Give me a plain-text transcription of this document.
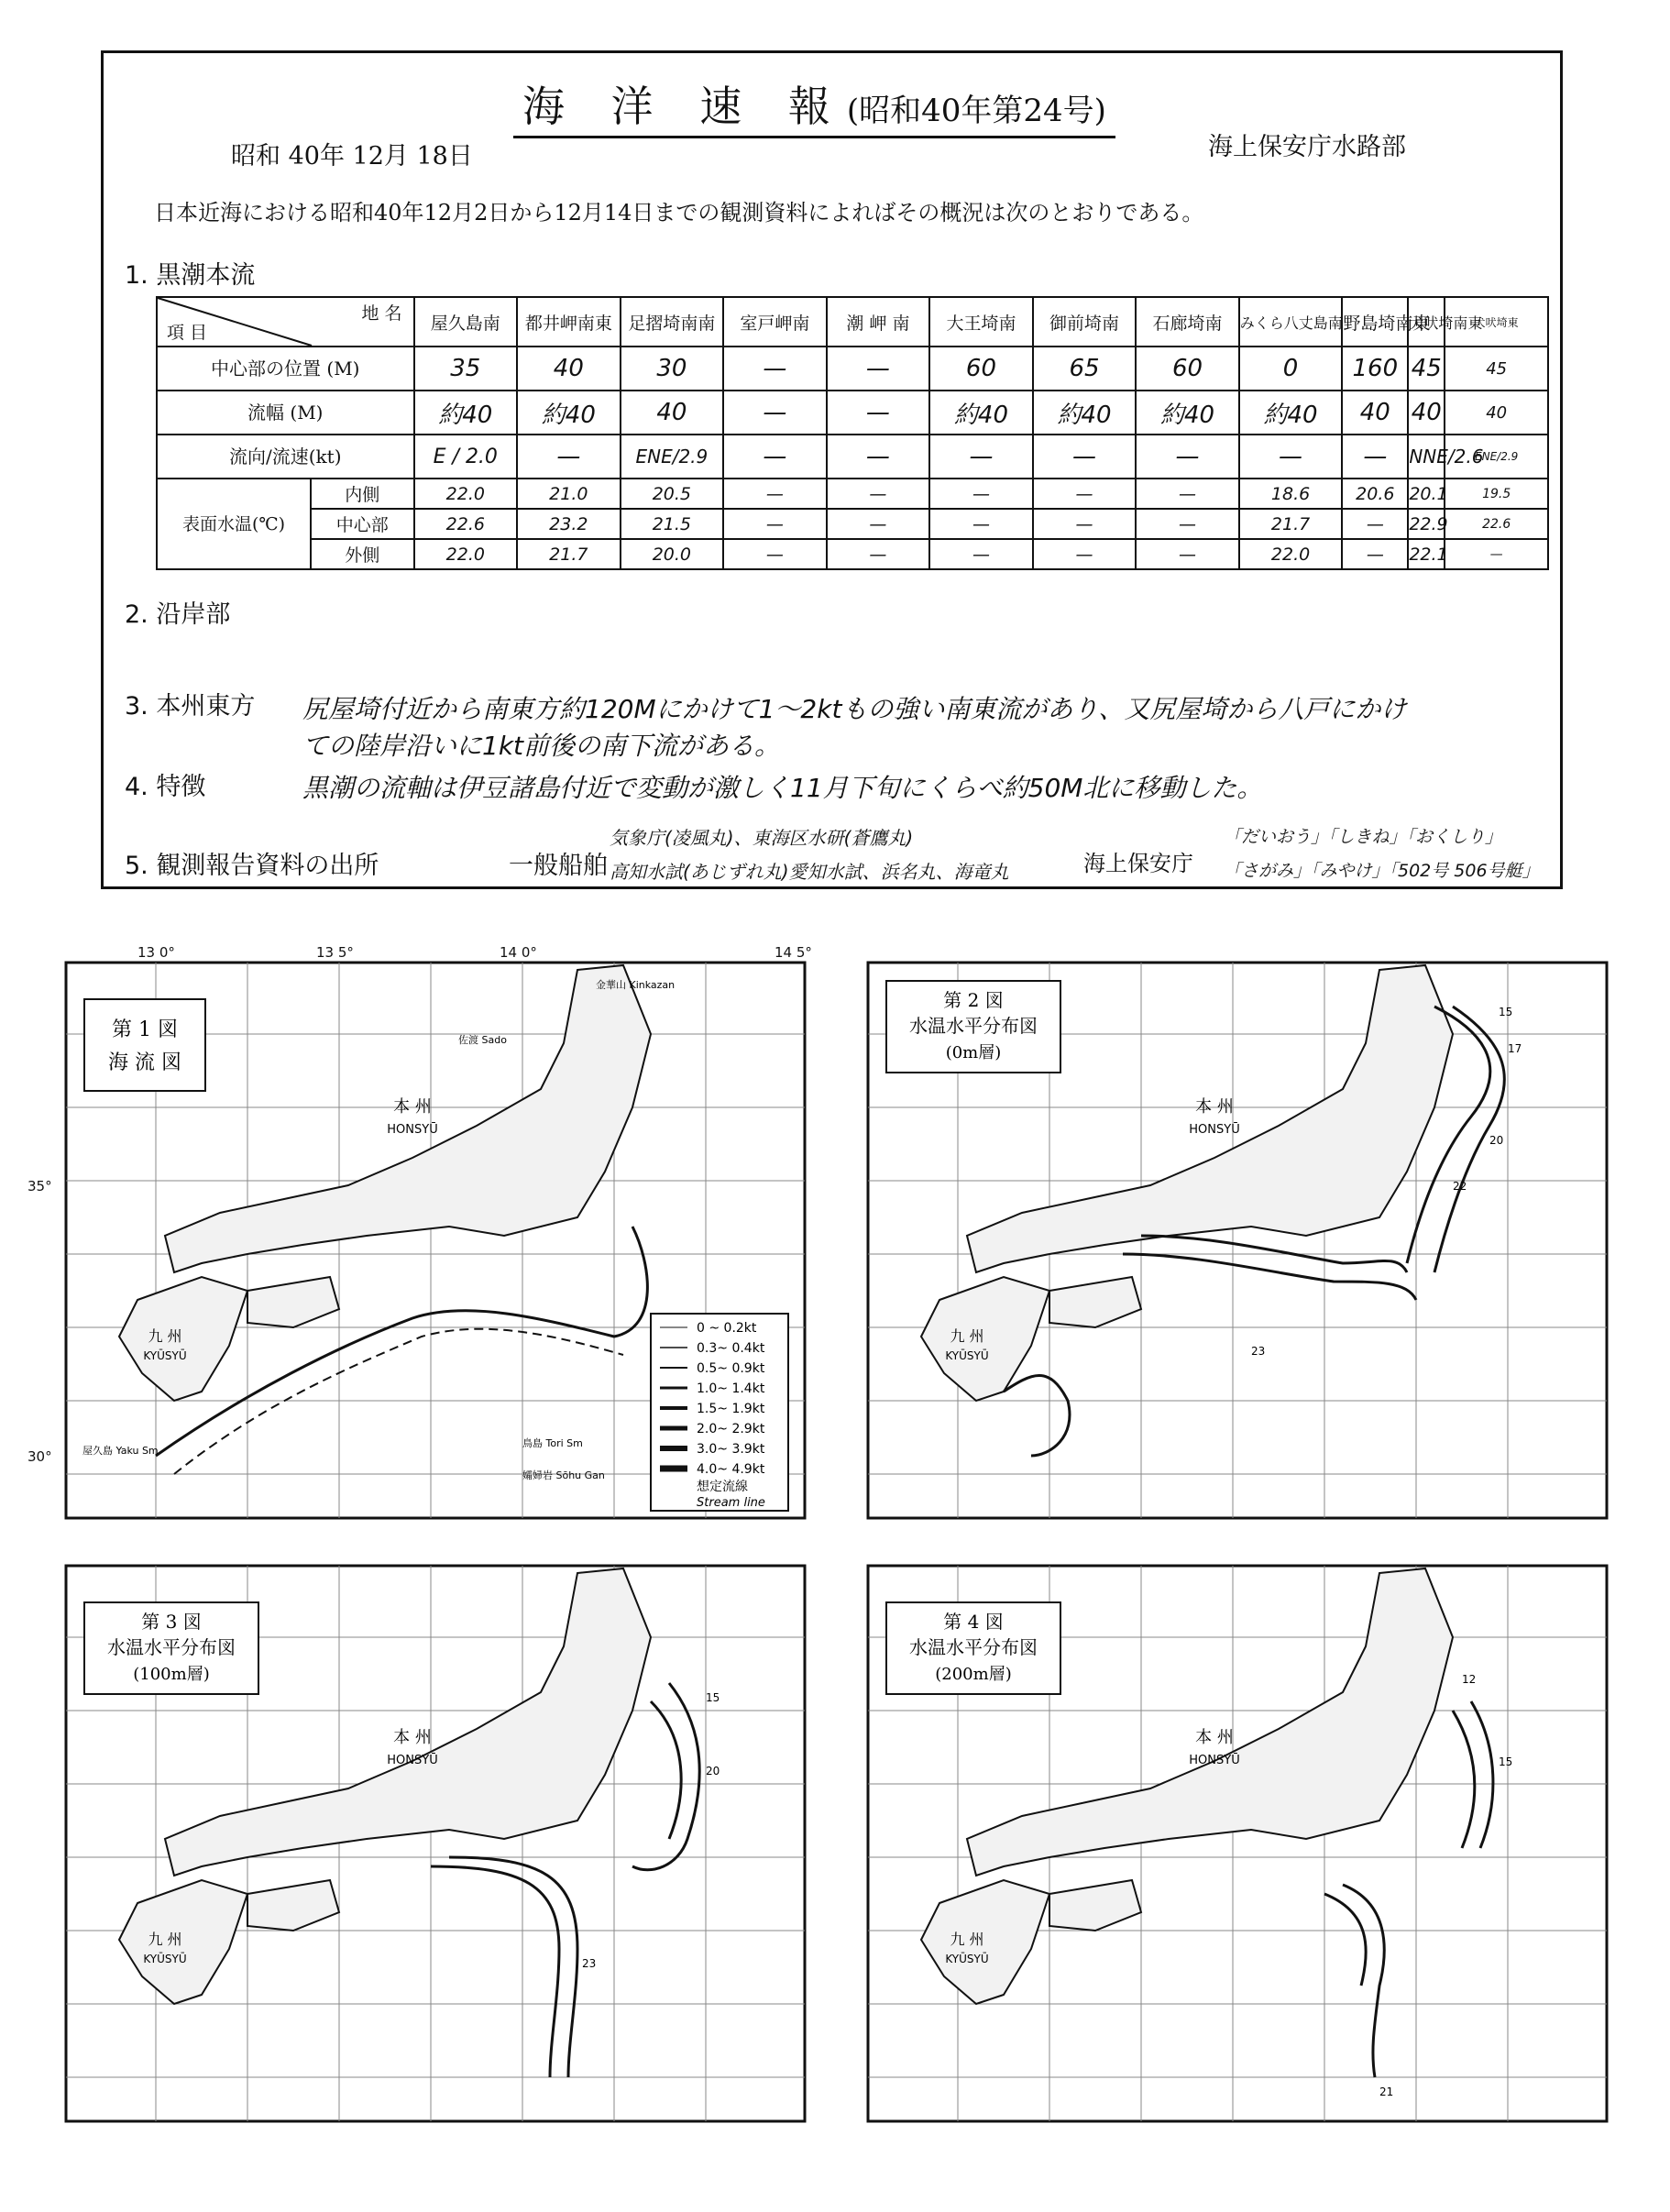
海 洋 速 報(昭和40年第24号)
昭和 40年 12月 18日	海上保安庁水路部
日本近海における昭和40年12月2日から12月14日までの観測資料によればその概況は次のとおりである。
1. 黒潮本流
地 名
項 目		屋久島南	都井岬南東	足摺埼南南	室戸岬南	潮 岬 南	大王埼南	御前埼南	石廊埼南	みくら八丈島南	野島埼南東	犬吠埼南東	犬吠埼東
中心部の位置 (M)		35	40	30	—	—	60	65	60	0	160	45	45
流幅 (M)		約40	約40	40	—	—	約40	約40	約40	約40	40	40	40
流向/流速(kt)		E / 2.0	—	ENE/2.9	—	—	—	—	—	—	—	NNE/2.6	ENE/2.9
表面水温(℃)	内側	22.0	21.0	20.5	—	—	—	—	—	18.6	20.6	20.1	19.5
	中心部	22.6	23.2	21.5	—	—	—	—	—	21.7	—	22.9	22.6
	外側	22.0	21.7	20.0	—	—	—	—	—	22.0	—	22.1	—
2. 沿岸部
3. 本州東方 尻屋埼付近から南東方約120Mにかけて1〜2ktもの強い南東流があり、又尻屋埼から八戸にかけ
ての陸岸沿いに1kt前後の南下流がある。
4. 特徴	黒潮の流軸は伊豆諸島付近で変動が激しく11月下旬にくらべ約50M北に移動した。
5. 観測報告資料の出所	一般船舶
気象庁(凌風丸)、東海区水研(蒼鷹丸)
高知水試(あじずれ丸)愛知水試、浜名丸、海竜丸	海上保安庁
「だいおう」「しきね」「おくしり」
「さがみ」「みやけ」「502号 506号艇」
第 1 図
海 流 図
本 州
HONSYŪ
九 州
KYŪSYŪ
佐渡 Sado
金華山 Kinkazan
鳥島 Tori Sm
孀婦岩 Sōhu Gan
屋久島 Yaku Sm
0 ~ 0.2kt
0.3~ 0.4kt
0.5~ 0.9kt
1.0~ 1.4kt
1.5~ 1.9kt
2.0~ 2.9kt
3.0~ 3.9kt
4.0~ 4.9kt
想定流線
Stream line
第 2 図
水温水平分布図
(0m層)
本 州
HONSYŪ
九 州
KYŪSYŪ
15
17
20
22
23
第 3 図
水温水平分布図
(100m層)
本 州
HONSYŪ
九 州
KYŪSYŪ
15
20
23
第 4 図
水温水平分布図
(200m層)
本 州
HONSYŪ
九 州
KYŪSYŪ
12
15
21
13 0°	13 5°	14 0°	14 5°
35°
30°
